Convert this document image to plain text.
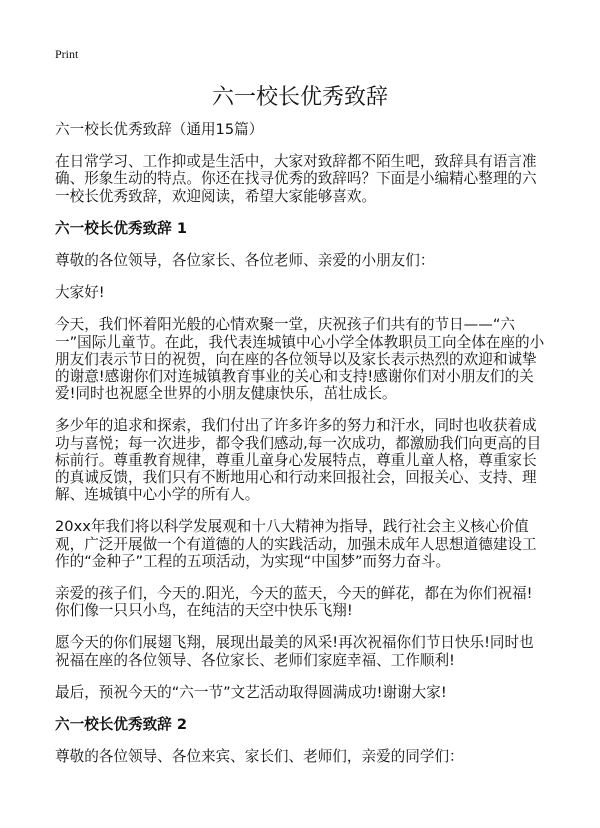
Print
六一校长优秀致辞

六一校长优秀致辞（通用15篇）

在日常学习、工作抑或是生活中，大家对致辞都不陌生吧，致辞具有语言准确、形象生动的特点。你还在找寻优秀的致辞吗？下面是小编精心整理的六一校长优秀致辞，欢迎阅读，希望大家能够喜欢。

六一校长优秀致辞 1

尊敬的各位领导，各位家长、各位老师、亲爱的小朋友们：

大家好!

今天，我们怀着阳光般的心情欢聚一堂，庆祝孩子们共有的节日——“六一”国际儿童节。在此，我代表连城镇中心小学全体教职员工向全体在座的小朋友们表示节日的祝贺，向在座的各位领导以及家长表示热烈的欢迎和诚挚的谢意!感谢你们对连城镇教育事业的关心和支持!感谢你们对小朋友们的关爱!同时也祝愿全世界的小朋友健康快乐，茁壮成长。

多少年的追求和探索，我们付出了许多许多的努力和汗水，同时也收获着成功与喜悦；每一次进步，都令我们感动,每一次成功，都激励我们向更高的目标前行。尊重教育规律，尊重儿童身心发展特点，尊重儿童人格，尊重家长的真诚反馈，我们只有不断地用心和行动来回报社会，回报关心、支持、理解、连城镇中心小学的所有人。

20xx年我们将以科学发展观和十八大精神为指导，践行社会主义核心价值观，广泛开展做一个有道德的人的实践活动，加强未成年人思想道德建设工作的“金种子”工程的五项活动，为实现“中国梦”而努力奋斗。

亲爱的孩子们，今天的.阳光，今天的蓝天，今天的鲜花，都在为你们祝福!你们像一只只小鸟，在纯洁的天空中快乐飞翔!

愿今天的你们展翅飞翔，展现出最美的风采!再次祝福你们节日快乐!同时也祝福在座的各位领导、各位家长、老师们家庭幸福、工作顺利!

最后，预祝今天的“六一节”文艺活动取得圆满成功!谢谢大家!

六一校长优秀致辞 2

尊敬的各位领导、各位来宾、家长们、老师们，亲爱的同学们：
